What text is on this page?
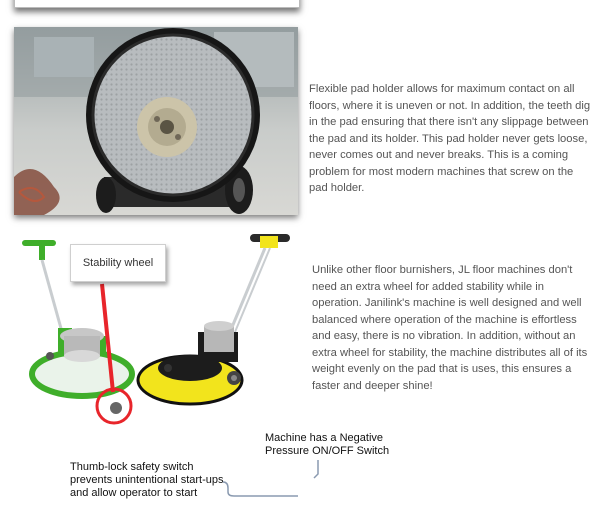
Flexible pad holder allows for maximum contact on all floors, where it is uneven or not. In addition, the teeth dig in the pad ensuring that there isn't any slippage between the pad and its holder. This pad holder never gets loose, never comes out and never breaks. This is a coming problem for most modern machines that screw on the pad holder.

Stability wheel

Unlike other floor burnishers, JL floor machines don't need an extra wheel for added stability while in operation. Janilink's machine is well designed and well balanced where operation of the machine is effortless and easy, there is no vibration. In addition, without an extra wheel for stability, the machine distributes all of its weight evenly on the pad that is uses, this ensures a faster and deeper shine!

Machine has a Negative Pressure ON/OFF Switch
Thumb-lock safety switch prevents unintentional start-ups and allow operator to start
